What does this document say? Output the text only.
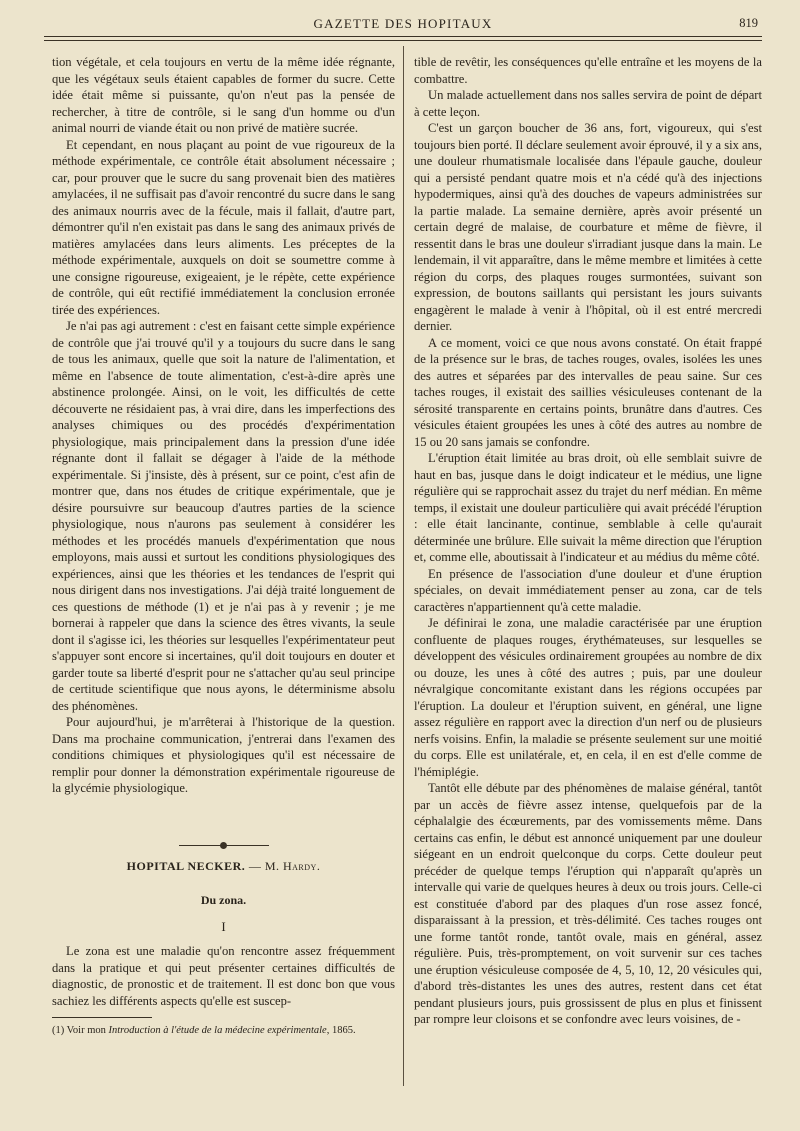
GAZETTE DES HOPITAUX	819

tion végétale, et cela toujours en vertu de la même idée régnante, que les végétaux seuls étaient capables de former du sucre. Cette idée était même si puissante, qu'on n'eut pas la pensée de rechercher, à titre de contrôle, si le sang d'un homme ou d'un animal nourri de viande était ou non privé de matière sucrée.

Et cependant, en nous plaçant au point de vue rigoureux de la méthode expérimentale, ce contrôle était absolument nécessaire ; car, pour prouver que le sucre du sang provenait bien des matières amylacées, il ne suffisait pas d'avoir rencontré du sucre dans le sang des animaux nourris avec de la fécule, mais il fallait, d'autre part, démontrer qu'il n'en existait pas dans le sang des animaux privés de matières amylacées dans leurs aliments. Les préceptes de la méthode expérimentale, auxquels on doit se soumettre comme à une consigne rigoureuse, exigeaient, je le répète, cette expérience de contrôle, qui eût rectifié immédiatement la conclusion erronée tirée des expériences.

Je n'ai pas agi autrement : c'est en faisant cette simple expérience de contrôle que j'ai trouvé qu'il y a toujours du sucre dans le sang de tous les animaux, quelle que soit la nature de l'alimentation, et même en l'absence de toute alimentation, c'est-à-dire après une abstinence prolongée. Ainsi, on le voit, les difficultés de cette découverte ne résidaient pas, à vrai dire, dans les imperfections des analyses chimiques ou des procédés d'expérimentation physiologique, mais principalement dans la pression d'une idée régnante dont il fallait se dégager à l'aide de la méthode expérimentale. Si j'insiste, dès à présent, sur ce point, c'est afin de montrer que, dans nos études de critique expérimentale, que je désire poursuivre sur beaucoup d'autres parties de la science physiologique, nous n'aurons pas seulement à considérer les méthodes et les procédés manuels d'expérimentation que nous employons, mais aussi et surtout les conditions physiologiques des expériences, ainsi que les théories et les tendances de l'esprit qui nous dirigent dans nos investigations. J'ai déjà traité longuement de ces questions de méthode (1) et je n'ai pas à y revenir ; je me bornerai à rappeler que dans la science des êtres vivants, la seule dont il s'agisse ici, les théories sur lesquelles l'expérimentateur peut s'appuyer sont encore si incertaines, qu'il doit toujours en douter et garder toute sa liberté d'esprit pour ne s'attacher qu'au seul principe de certitude scientifique que nous ayons, le déterminisme absolu des phénomènes.

Pour aujourd'hui, je m'arrêterai à l'historique de la question. Dans ma prochaine communication, j'entrerai dans l'examen des conditions chimiques et physiologiques qu'il est nécessaire de remplir pour donner la démonstration expérimentale rigoureuse de la glycémie physiologique.

HOPITAL NECKER. — M. Hardy.
Du zona.
I

Le zona est une maladie qu'on rencontre assez fréquemment dans la pratique et qui peut présenter certaines difficultés de diagnostic, de pronostic et de traitement. Il est donc bon que vous sachiez les différents aspects qu'elle est suscep-

(1) Voir mon Introduction à l'étude de la médecine expérimentale, 1865.

tible de revêtir, les conséquences qu'elle entraîne et les moyens de la combattre.

Un malade actuellement dans nos salles servira de point de départ à cette leçon.

C'est un garçon boucher de 36 ans, fort, vigoureux, qui s'est toujours bien porté. Il déclare seulement avoir éprouvé, il y a six ans, une douleur rhumatismale localisée dans l'épaule gauche, douleur qui a persisté pendant quatre mois et n'a cédé qu'à des injections hypodermiques, ainsi qu'à des douches de vapeurs administrées sur la partie malade. La semaine dernière, après avoir présenté un certain degré de malaise, de courbature et même de fièvre, il ressentit dans le bras une douleur s'irradiant jusque dans la main. Le lendemain, il vit apparaître, dans le même membre et limitées à cette région du corps, des plaques rouges surmontées, suivant son expression, de boutons saillants qui persistant les jours suivants engagèrent le malade à venir à l'hôpital, où il est entré mercredi dernier.

A ce moment, voici ce que nous avons constaté. On était frappé de la présence sur le bras, de taches rouges, ovales, isolées les unes des autres et séparées par des intervalles de peau saine. Sur ces taches rouges, il existait des saillies vésiculeuses contenant de la sérosité transparente en certains points, brunâtre dans d'autres. Ces vésicules étaient groupées les unes à côté des autres au nombre de 15 ou 20 sans jamais se confondre.

L'éruption était limitée au bras droit, où elle semblait suivre de haut en bas, jusque dans le doigt indicateur et le médius, une ligne régulière qui se rapprochait assez du trajet du nerf médian. En même temps, il existait une douleur particulière qui avait précédé l'éruption : elle était lancinante, continue, semblable à celle qu'aurait déterminée une brûlure. Elle suivait la même direction que l'éruption et, comme elle, aboutissait à l'indicateur et au médius du même côté.

En présence de l'association d'une douleur et d'une éruption spéciales, on devait immédiatement penser au zona, car de tels caractères n'appartiennent qu'à cette maladie.

Je définirai le zona, une maladie caractérisée par une éruption confluente de plaques rouges, érythémateuses, sur lesquelles se développent des vésicules ordinairement groupées au nombre de dix ou douze, les unes à côté des autres ; puis, par une douleur névralgique concomitante existant dans les régions occupées par l'éruption. La douleur et l'éruption suivent, en général, une ligne assez régulière en rapport avec la direction d'un nerf ou de plusieurs nerfs voisins. Enfin, la maladie se présente seulement sur une moitié du corps. Elle est unilatérale, et, en cela, il en est d'elle comme de l'hémiplégie.

Tantôt elle débute par des phénomènes de malaise général, tantôt par un accès de fièvre assez intense, quelquefois par de la céphalalgie des écœurements, par des vomissements même. Dans certains cas enfin, le début est annoncé uniquement par une douleur siégeant en un endroit quelconque du corps. Cette douleur peut précéder de quelque temps l'éruption qui n'apparaît qu'après un intervalle qui varie de quelques heures à deux ou trois jours. Celle-ci est constituée d'abord par des plaques d'un rose assez foncé, disparaissant à la pression, et très-délimité. Ces taches rouges ont une forme tantôt ronde, tantôt ovale, mais en général, assez régulière. Puis, très-promptement, on voit survenir sur ces taches une éruption vésiculeuse composée de 4, 5, 10, 12, 20 vésicules qui, d'abord très-distantes les unes des autres, restent dans cet état pendant plusieurs jours, puis grossissent de plus en plus et finissent par rompre leur cloisons et se confondre avec leurs voisines, de -
